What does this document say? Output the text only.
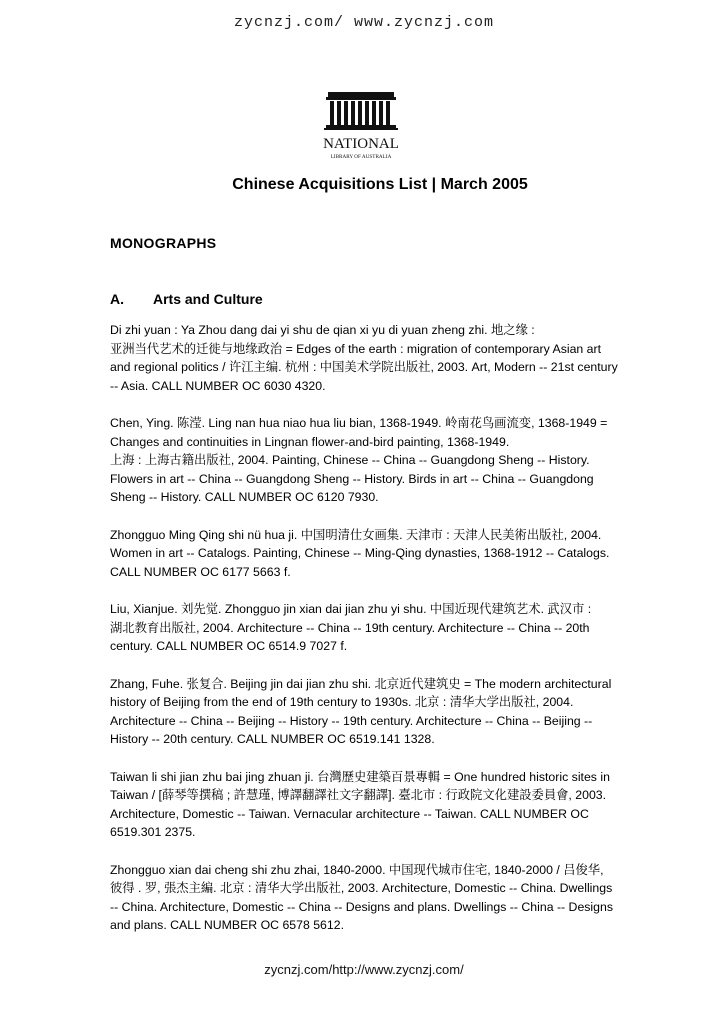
zycnzj.com/ www.zycnzj.com
NATIONAL
LIBRARY OF AUSTRALIA
Chinese Acquisitions List | March 2005
MONOGRAPHS
A. Arts and Culture

Di zhi yuan : Ya Zhou dang dai yi shu de qian xi yu di yuan zheng zhi. 地之缘 :
亚洲当代艺术的迁徙与地缘政治 = Edges of the earth : migration of contemporary Asian art
and regional politics / 许江主编. 杭州 : 中国美术学院出版社, 2003. Art, Modern -- 21st century
-- Asia. CALL NUMBER OC 6030 4320.

Chen, Ying. 陈滢. Ling nan hua niao hua liu bian, 1368-1949. 岭南花鸟画流变, 1368-1949 =
Changes and continuities in Lingnan flower-and-bird painting, 1368-1949.
上海 : 上海古籍出版社, 2004. Painting, Chinese -- China -- Guangdong Sheng -- History.
Flowers in art -- China -- Guangdong Sheng -- History. Birds in art -- China -- Guangdong
Sheng -- History. CALL NUMBER OC 6120 7930.

Zhongguo Ming Qing shi nü hua ji. 中国明清仕女画集. 天津市 : 天津人民美術出版社, 2004.
Women in art -- Catalogs. Painting, Chinese -- Ming-Qing dynasties, 1368-1912 -- Catalogs.
CALL NUMBER OC 6177 5663 f.

Liu, Xianjue. 刘先觉. Zhongguo jin xian dai jian zhu yi shu. 中国近现代建筑艺术. 武汉市 :
湖北教育出版社, 2004. Architecture -- China -- 19th century. Architecture -- China -- 20th
century. CALL NUMBER OC 6514.9 7027 f.

Zhang, Fuhe. 张复合. Beijing jin dai jian zhu shi. 北京近代建筑史 = The modern architectural
history of Beijing from the end of 19th century to 1930s. 北京 : 清华大学出版社, 2004.
Architecture -- China -- Beijing -- History -- 19th century. Architecture -- China -- Beijing --
History -- 20th century. CALL NUMBER OC 6519.141 1328.

Taiwan li shi jian zhu bai jing zhuan ji. 台灣歷史建築百景專輯 = One hundred historic sites in
Taiwan / [薛琴等撰稿 ; 許慧瑾, 博譯翻譯社文字翻譯]. 臺北市 : 行政院文化建設委員會, 2003.
Architecture, Domestic -- Taiwan. Vernacular architecture -- Taiwan. CALL NUMBER OC
6519.301 2375.

Zhongguo xian dai cheng shi zhu zhai, 1840-2000. 中国现代城市住宅, 1840-2000 / 吕俊华,
彼得 . 罗, 張杰主編. 北京 : 清华大学出版社, 2003. Architecture, Domestic -- China. Dwellings
-- China. Architecture, Domestic -- China -- Designs and plans. Dwellings -- China -- Designs
and plans. CALL NUMBER OC 6578 5612.

zycnzj.com/http://www.zycnzj.com/
